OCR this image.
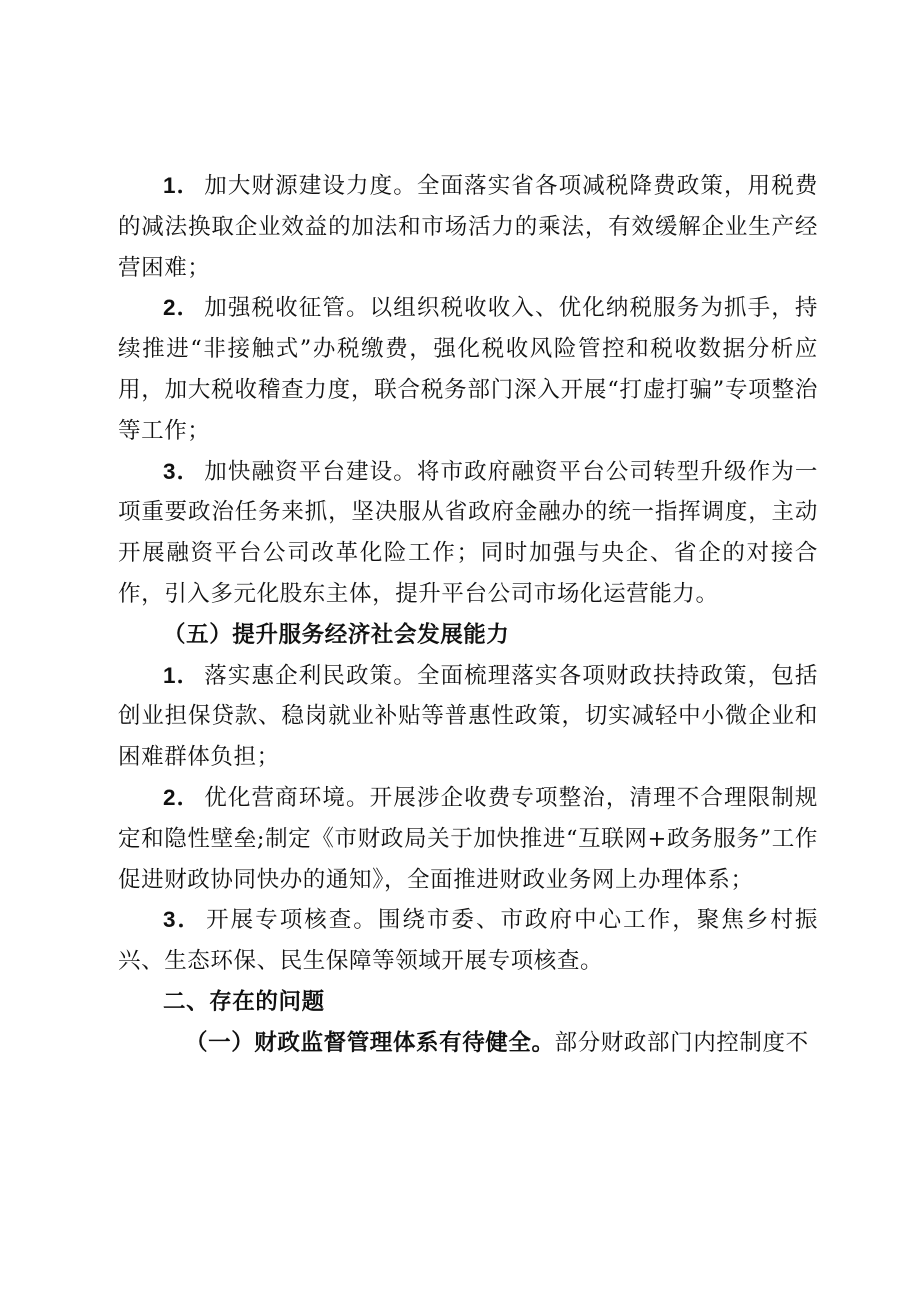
1． 加大财源建设力度。全面落实省各项减税降费政策，用税费的减法换取企业效益的加法和市场活力的乘法，有效缓解企业生产经营困难；

2． 加强税收征管。以组织税收收入、优化纳税服务为抓手，持续推进“非接触式”办税缴费，强化税收风险管控和税收数据分析应用，加大税收稽查力度，联合税务部门深入开展“打虚打骗”专项整治等工作；

3． 加快融资平台建设。将市政府融资平台公司转型升级作为一项重要政治任务来抓，坚决服从省政府金融办的统一指挥调度，主动开展融资平台公司改革化险工作；同时加强与央企、省企的对接合作，引入多元化股东主体，提升平台公司市场化运营能力。

（五）提升服务经济社会发展能力

1． 落实惠企利民政策。全面梳理落实各项财政扶持政策，包括创业担保贷款、稳岗就业补贴等普惠性政策，切实减轻中小微企业和困难群体负担；

2． 优化营商环境。开展涉企收费专项整治，清理不合理限制规定和隐性壁垒;制定《市财政局关于加快推进“互联网+政务服务”工作促进财政协同快办的通知》，全面推进财政业务网上办理体系；

3． 开展专项核查。围绕市委、市政府中心工作，聚焦乡村振兴、生态环保、民生保障等领域开展专项核查。

二、存在的问题

（一）财政监督管理体系有待健全。部分财政部门内控制度不
